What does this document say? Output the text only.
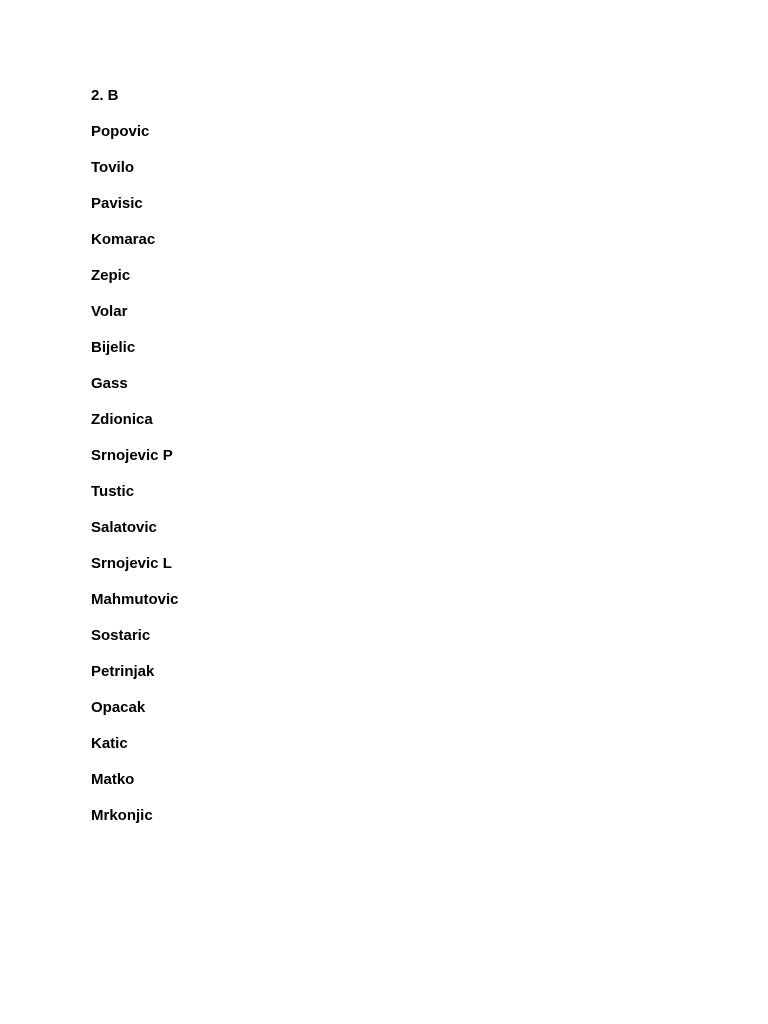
2. B
Popovic
Tovilo
Pavisic
Komarac
Zepic
Volar
Bijelic
Gass
Zdionica
Srnojevic P
Tustic
Salatovic
Srnojevic L
Mahmutovic
Sostaric
Petrinjak
Opacak
Katic
Matko
Mrkonjic
